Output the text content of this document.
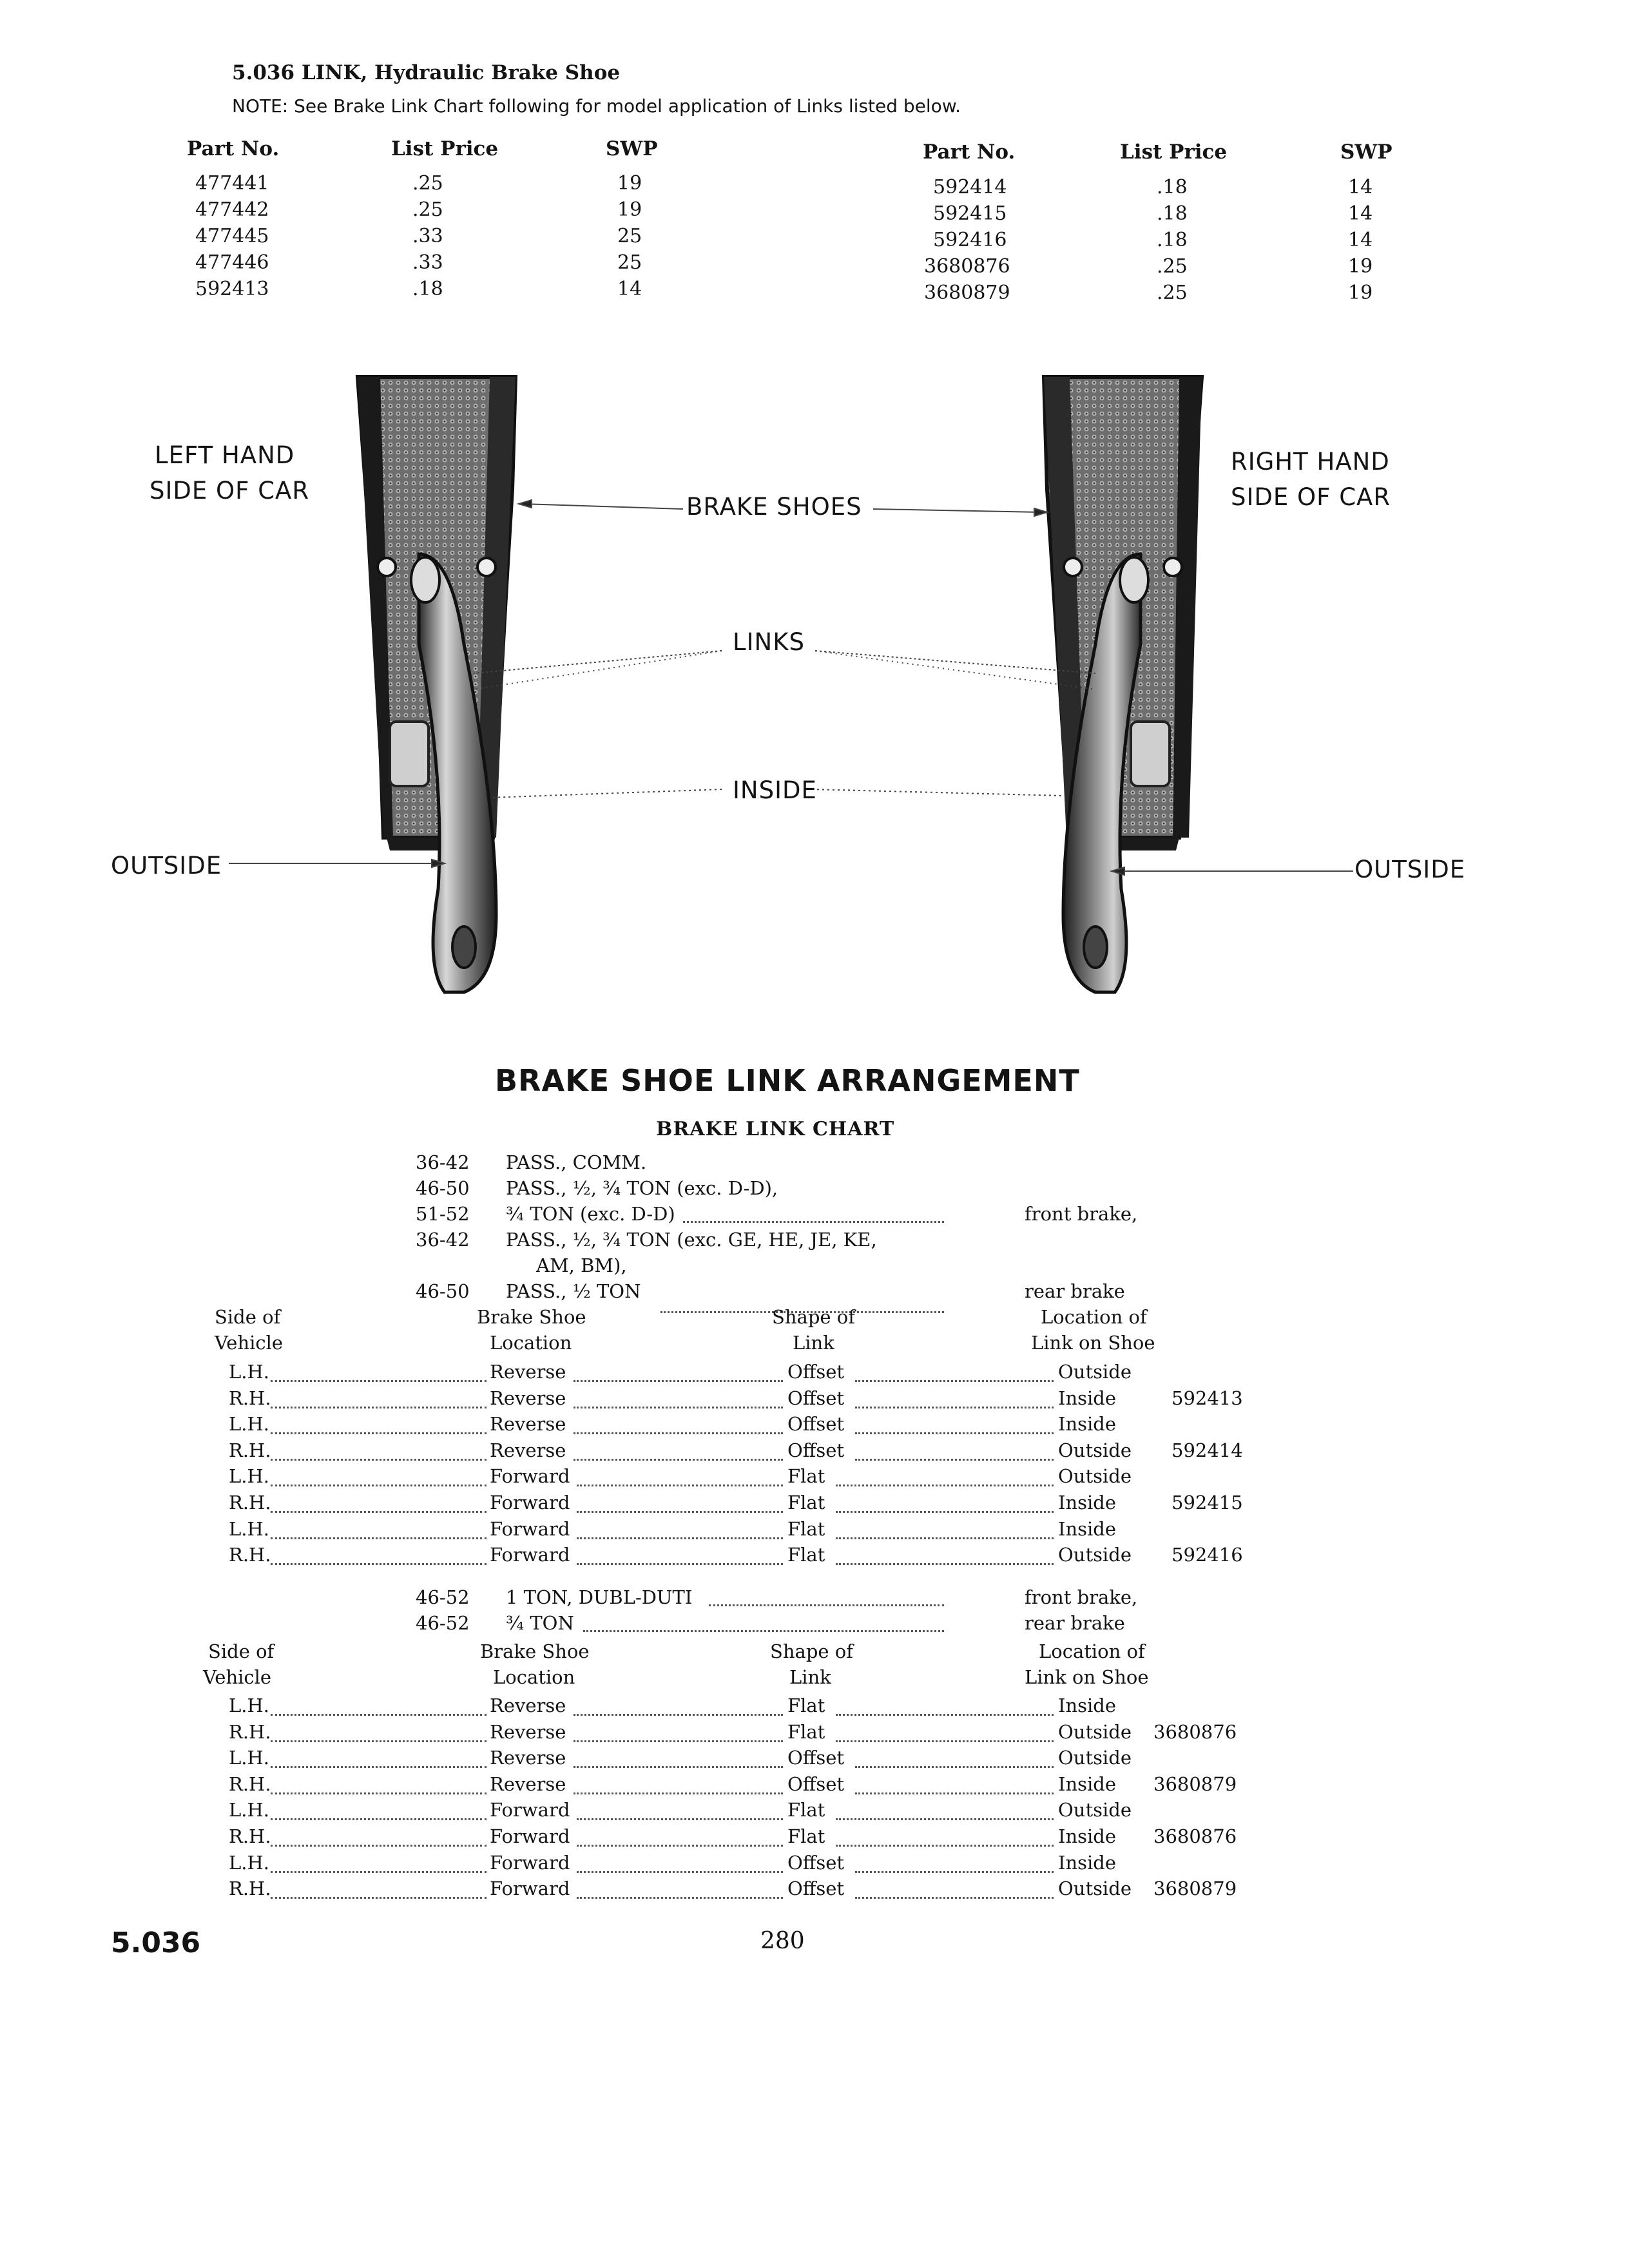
5.036 LINK, Hydraulic Brake Shoe
NOTE: See Brake Link Chart following for model application of Links listed below.
Part No.	List Price	SWP	Part No.	List Price	SWP
477441	.25	19
477442	.25	19
477445	.33	25
477446	.33	25
592413	.18	14
592414	.18	14
592415	.18	14
592416	.18	14
3680876	.25	19
3680879	.25	19
LEFT HAND
SIDE OF CAR
RIGHT HAND
SIDE OF CAR
BRAKE SHOES
LINKS
INSIDE
OUTSIDE	OUTSIDE
BRAKE SHOE LINK ARRANGEMENT
BRAKE LINK CHART
36-42 PASS., COMM.
46-50 PASS., ½, ¾ TON (exc. D-D),
51-52 ¾ TON (exc. D-D)	front brake,
36-42 PASS., ½, ¾ TON (exc. GE, HE, JE, KE,
AM, BM),
46-50 PASS., ½ TON	rear brake
Side of	Brake Shoe	Shape of	Location of
Vehicle	Location	Link	Link on Shoe
L.H.	Reverse	Offset	Outside
R.H.	Reverse	Offset	Inside	592413
L.H.	Reverse	Offset	Inside
R.H.	Reverse	Offset	Outside 592414
L.H.	Forward	Flat	Outside
R.H.	Forward	Flat	Inside	592415
L.H.	Forward	Flat	Inside
R.H.	Forward	Flat	Outside 592416
46-52 1 TON, DUBL-DUTI	front brake,
46-52 ¾ TON	rear brake
Side of	Brake Shoe	Shape of	Location of
Vehicle	Location	Link	Link on Shoe
L.H.	Reverse	Flat	Inside
R.H.	Reverse	Flat	Outside 3680876
L.H.	Reverse	Offset	Outside
R.H.	Reverse	Offset	Inside 3680879
L.H.	Forward	Flat	Outside
R.H.	Forward	Flat	Inside 3680876
L.H.	Forward	Offset	Inside
R.H.	Forward	Offset	Outside 3680879
5.036	280
